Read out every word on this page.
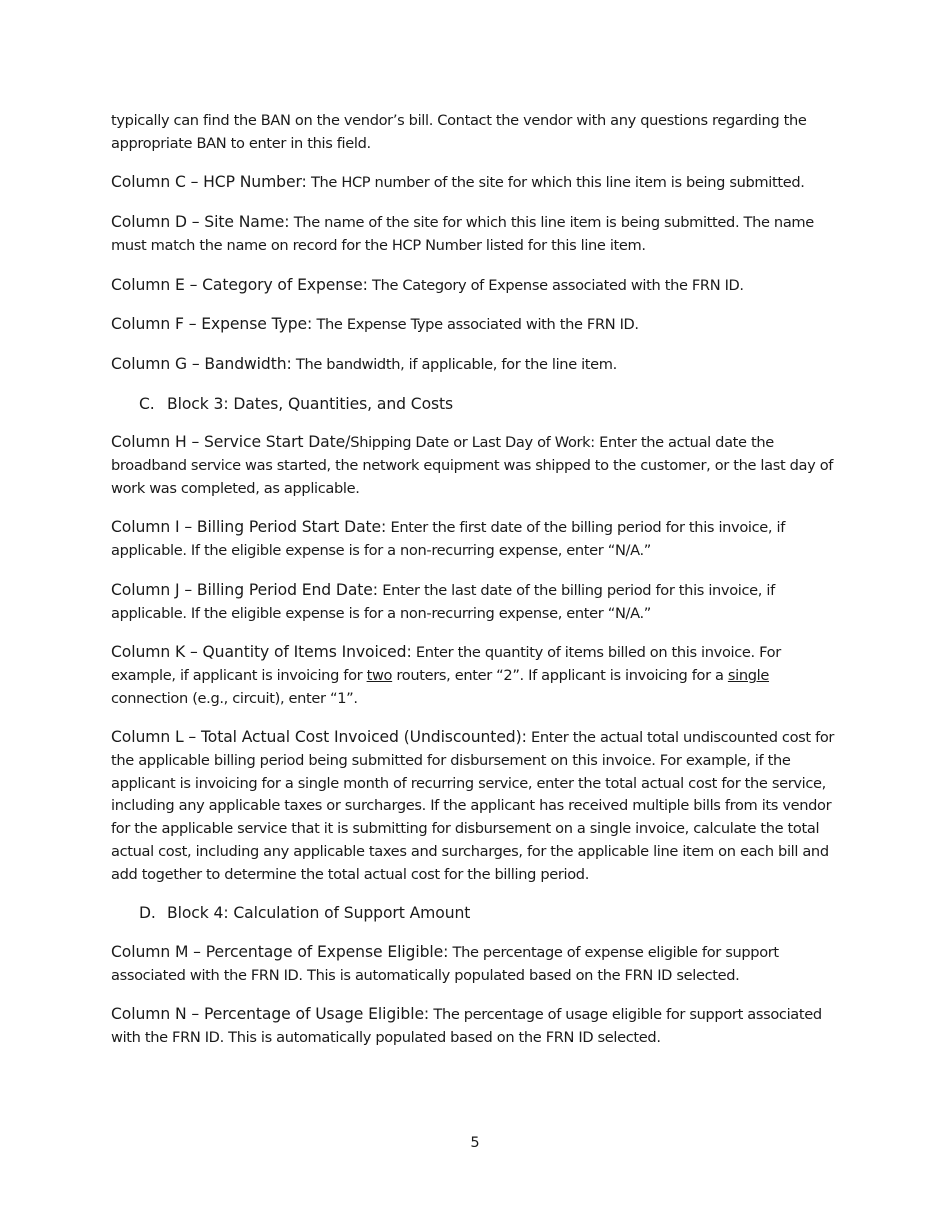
typically can find the BAN on the vendor’s bill. Contact the vendor with any questions regarding the appropriate BAN to enter in this field.

Column C – HCP Number: The HCP number of the site for which this line item is being submitted.

Column D – Site Name: The name of the site for which this line item is being submitted. The name must match the name on record for the HCP Number listed for this line item.

Column E – Category of Expense: The Category of Expense associated with the FRN ID.

Column F – Expense Type: The Expense Type associated with the FRN ID.

Column G – Bandwidth: The bandwidth, if applicable, for the line item.

C. Block 3: Dates, Quantities, and Costs

Column H – Service Start Date/Shipping Date or Last Day of Work: Enter the actual date the broadband service was started, the network equipment was shipped to the customer, or the last day of work was completed, as applicable.

Column I – Billing Period Start Date: Enter the first date of the billing period for this invoice, if applicable. If the eligible expense is for a non-recurring expense, enter “N/A.”

Column J – Billing Period End Date: Enter the last date of the billing period for this invoice, if applicable. If the eligible expense is for a non-recurring expense, enter “N/A.”

Column K – Quantity of Items Invoiced: Enter the quantity of items billed on this invoice. For example, if applicant is invoicing for two routers, enter “2”. If applicant is invoicing for a single connection (e.g., circuit), enter “1”.

Column L – Total Actual Cost Invoiced (Undiscounted): Enter the actual total undiscounted cost for the applicable billing period being submitted for disbursement on this invoice. For example, if the applicant is invoicing for a single month of recurring service, enter the total actual cost for the service, including any applicable taxes or surcharges. If the applicant has received multiple bills from its vendor for the applicable service that it is submitting for disbursement on a single invoice, calculate the total actual cost, including any applicable taxes and surcharges, for the applicable line item on each bill and add together to determine the total actual cost for the billing period.

D. Block 4: Calculation of Support Amount

Column M – Percentage of Expense Eligible: The percentage of expense eligible for support associated with the FRN ID. This is automatically populated based on the FRN ID selected.

Column N – Percentage of Usage Eligible: The percentage of usage eligible for support associated with the FRN ID. This is automatically populated based on the FRN ID selected.

5
